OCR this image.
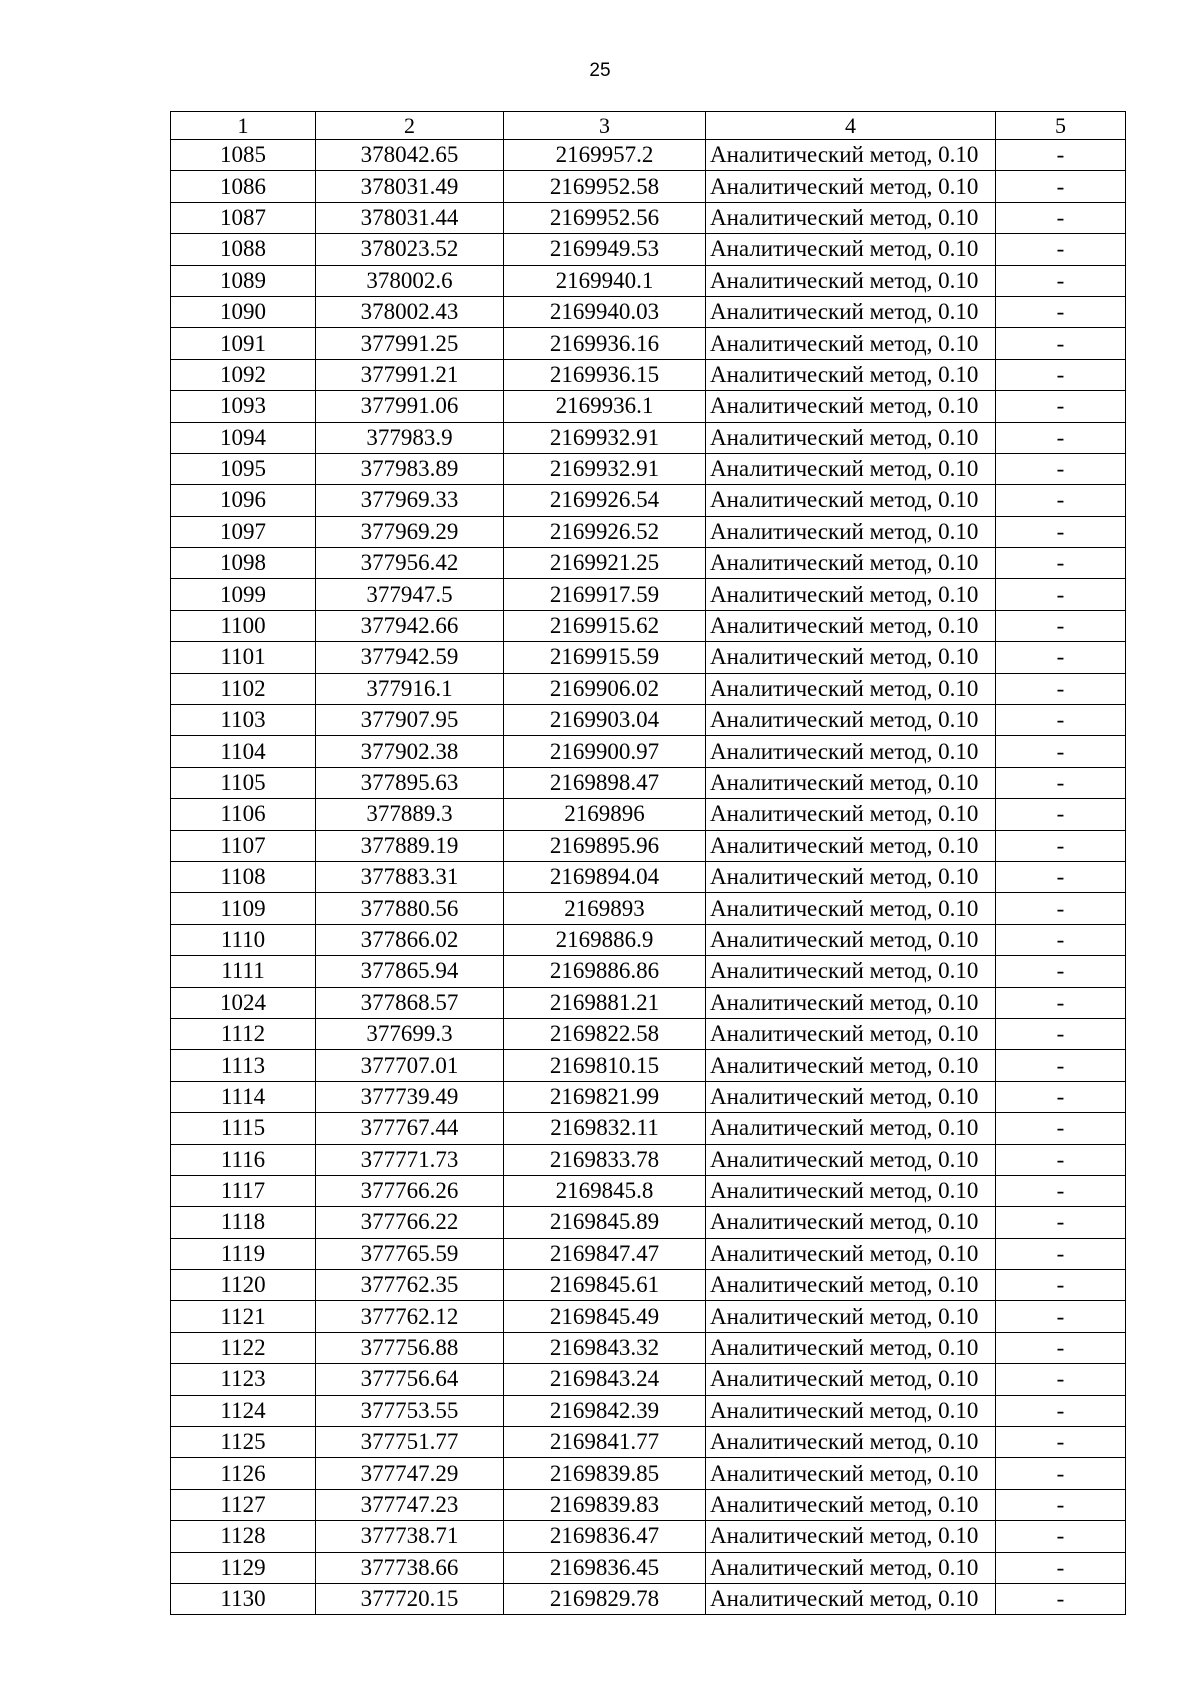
25
1	2	3	4	5
1085	378042.65	2169957.2	Аналитический метод, 0.10	-
1086	378031.49	2169952.58	Аналитический метод, 0.10	-
1087	378031.44	2169952.56	Аналитический метод, 0.10	-
1088	378023.52	2169949.53	Аналитический метод, 0.10	-
1089	378002.6	2169940.1	Аналитический метод, 0.10	-
1090	378002.43	2169940.03	Аналитический метод, 0.10	-
1091	377991.25	2169936.16	Аналитический метод, 0.10	-
1092	377991.21	2169936.15	Аналитический метод, 0.10	-
1093	377991.06	2169936.1	Аналитический метод, 0.10	-
1094	377983.9	2169932.91	Аналитический метод, 0.10	-
1095	377983.89	2169932.91	Аналитический метод, 0.10	-
1096	377969.33	2169926.54	Аналитический метод, 0.10	-
1097	377969.29	2169926.52	Аналитический метод, 0.10	-
1098	377956.42	2169921.25	Аналитический метод, 0.10	-
1099	377947.5	2169917.59	Аналитический метод, 0.10	-
1100	377942.66	2169915.62	Аналитический метод, 0.10	-
1101	377942.59	2169915.59	Аналитический метод, 0.10	-
1102	377916.1	2169906.02	Аналитический метод, 0.10	-
1103	377907.95	2169903.04	Аналитический метод, 0.10	-
1104	377902.38	2169900.97	Аналитический метод, 0.10	-
1105	377895.63	2169898.47	Аналитический метод, 0.10	-
1106	377889.3	2169896	Аналитический метод, 0.10	-
1107	377889.19	2169895.96	Аналитический метод, 0.10	-
1108	377883.31	2169894.04	Аналитический метод, 0.10	-
1109	377880.56	2169893	Аналитический метод, 0.10	-
1110	377866.02	2169886.9	Аналитический метод, 0.10	-
1111	377865.94	2169886.86	Аналитический метод, 0.10	-
1024	377868.57	2169881.21	Аналитический метод, 0.10	-
1112	377699.3	2169822.58	Аналитический метод, 0.10	-
1113	377707.01	2169810.15	Аналитический метод, 0.10	-
1114	377739.49	2169821.99	Аналитический метод, 0.10	-
1115	377767.44	2169832.11	Аналитический метод, 0.10	-
1116	377771.73	2169833.78	Аналитический метод, 0.10	-
1117	377766.26	2169845.8	Аналитический метод, 0.10	-
1118	377766.22	2169845.89	Аналитический метод, 0.10	-
1119	377765.59	2169847.47	Аналитический метод, 0.10	-
1120	377762.35	2169845.61	Аналитический метод, 0.10	-
1121	377762.12	2169845.49	Аналитический метод, 0.10	-
1122	377756.88	2169843.32	Аналитический метод, 0.10	-
1123	377756.64	2169843.24	Аналитический метод, 0.10	-
1124	377753.55	2169842.39	Аналитический метод, 0.10	-
1125	377751.77	2169841.77	Аналитический метод, 0.10	-
1126	377747.29	2169839.85	Аналитический метод, 0.10	-
1127	377747.23	2169839.83	Аналитический метод, 0.10	-
1128	377738.71	2169836.47	Аналитический метод, 0.10	-
1129	377738.66	2169836.45	Аналитический метод, 0.10	-
1130	377720.15	2169829.78	Аналитический метод, 0.10	-
